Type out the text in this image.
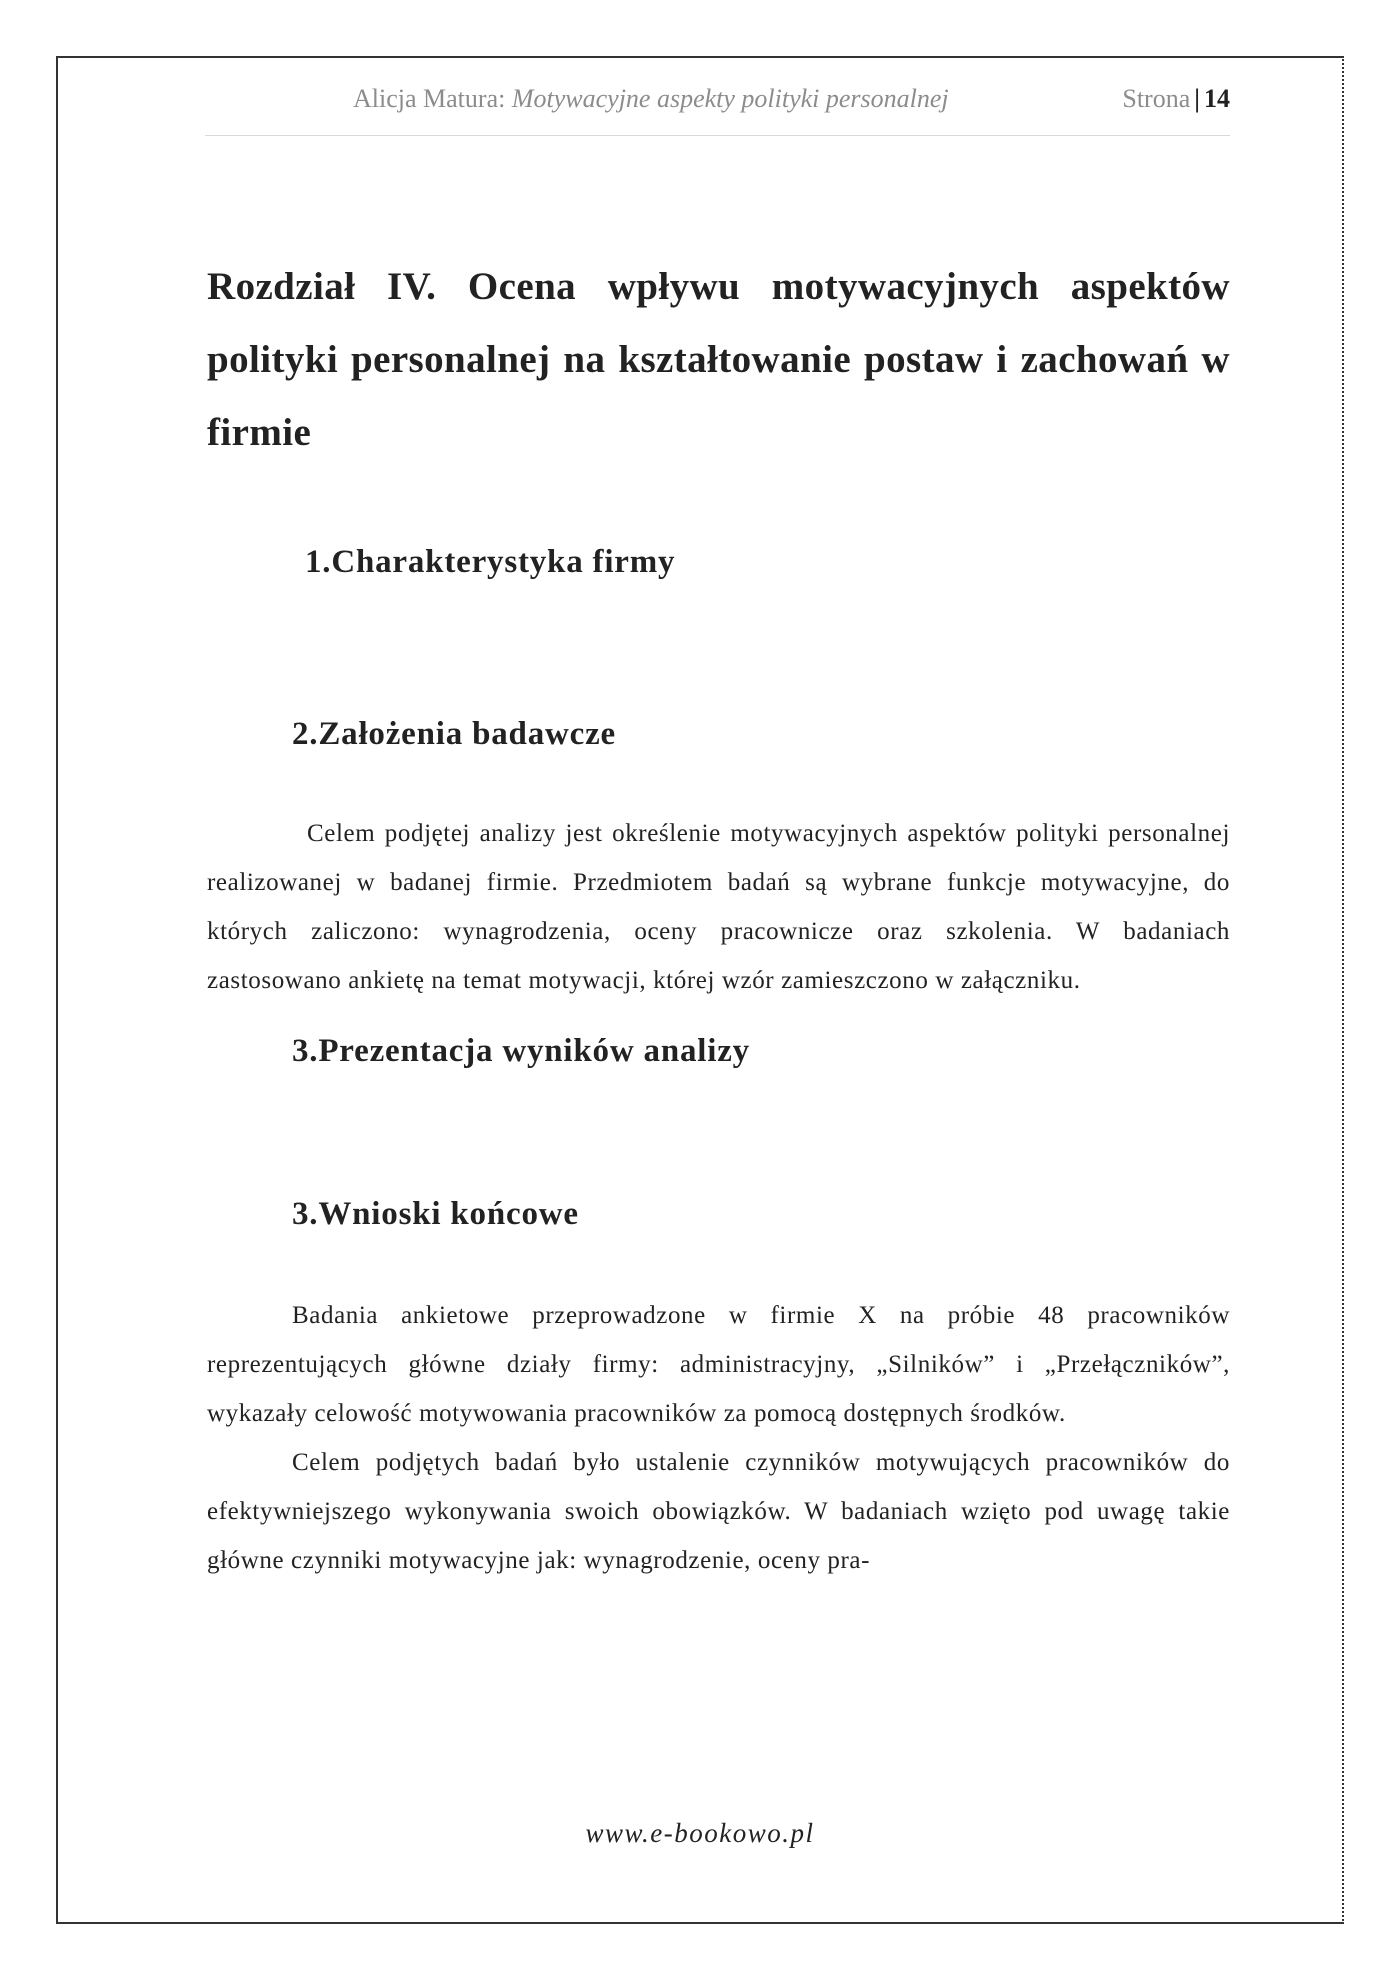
Alicja Matura: Motywacyjne aspekty polityki personalnej	Strona | 14
Rozdział IV. Ocena wpływu motywacyjnych aspektów polityki personalnej na kształtowanie postaw i zachowań w firmie
1.Charakterystyka firmy
2.Założenia badawcze

Celem podjętej analizy jest określenie motywacyjnych aspektów polityki personalnej realizowanej w badanej firmie. Przedmiotem badań są wybrane funkcje motywacyjne, do których zaliczono: wynagrodzenia, oceny pracownicze oraz szkolenia. W badaniach zastosowano ankietę na temat motywacji, której wzór zamieszczono w załączniku.

3.Prezentacja wyników analizy
3.Wnioski końcowe

Badania ankietowe przeprowadzone w firmie X na próbie 48 pracowników reprezentujących główne działy firmy: administracyjny, „Silników” i „Przełączników”, wykazały celowość motywowania pracowników za pomocą dostępnych środków.

Celem podjętych badań było ustalenie czynników motywujących pracowników do efektywniejszego wykonywania swoich obowiązków. W badaniach wzięto pod uwagę takie główne czynniki motywacyjne jak: wynagrodzenie, oceny pra-

www.e-bookowo.pl
